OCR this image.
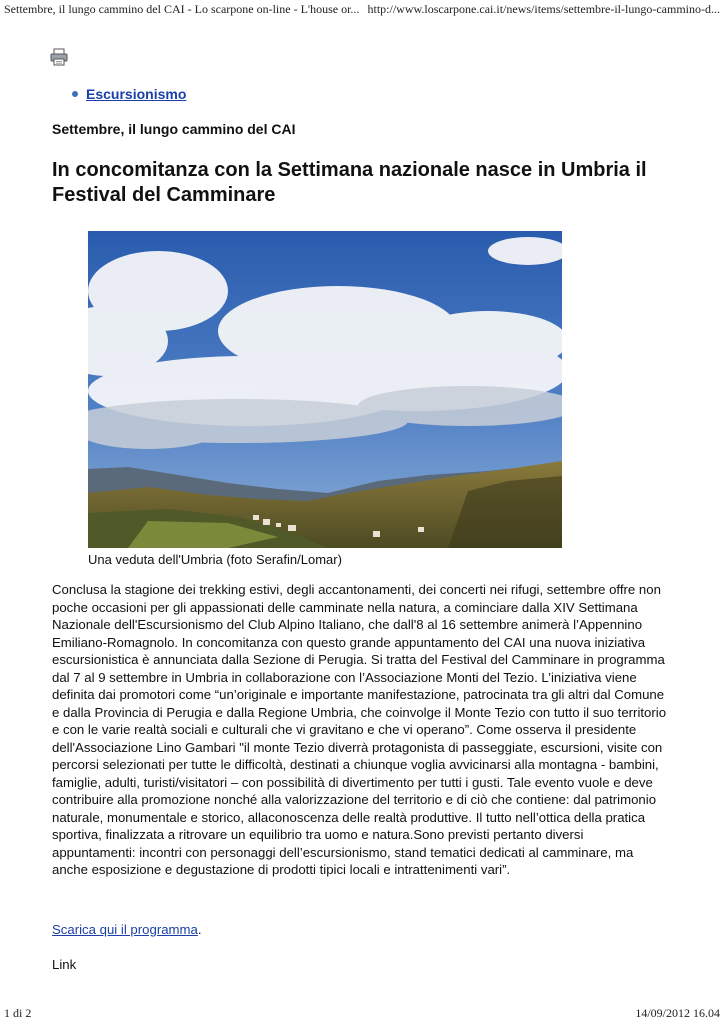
Settembre, il lungo cammino del CAI - Lo scarpone on-line - L'house or... http://www.loscarpone.cai.it/news/items/settembre-il-lungo-cammino-d...
Escursionismo

Settembre, il lungo cammino del CAI

In concomitanza con la Settimana nazionale nasce in Umbria il Festival del Camminare

Una veduta dell'Umbria (foto Serafin/Lomar)

Conclusa la stagione dei trekking estivi, degli accantonamenti, dei concerti nei rifugi, settembre offre non poche occasioni per gli appassionati delle camminate nella natura, a cominciare dalla XIV Settimana Nazionale dell'Escursionismo del Club Alpino Italiano, che dall'8 al 16 settembre animerà l’Appennino Emiliano-Romagnolo. In concomitanza con questo grande appuntamento del CAI una nuova iniziativa escursionistica è annunciata dalla Sezione di Perugia. Si tratta del Festival del Camminare in programma dal 7 al 9 settembre in Umbria in collaborazione con l’Associazione Monti del Tezio. L’iniziativa viene definita dai promotori come “un’originale e importante manifestazione, patrocinata tra gli altri dal Comune e dalla Provincia di Perugia e dalla Regione Umbria, che coinvolge il Monte Tezio con tutto il suo territorio e con le varie realtà sociali e culturali che vi gravitano e che vi operano”. Come osserva il presidente dell'Associazione Lino Gambari "il monte Tezio diverrà protagonista di passeggiate, escursioni, visite con percorsi selezionati per tutte le difficoltà, destinati a chiunque voglia avvicinarsi alla montagna - bambini, famiglie, adulti, turisti/visitatori – con possibilità di divertimento per tutti i gusti. Tale evento vuole e deve contribuire alla promozione nonché alla valorizzazione del territorio e di ciò che contiene: dal patrimonio naturale, monumentale e storico, allaconoscenza delle realtà produttive. Il tutto nell’ottica della pratica sportiva, finalizzata a ritrovare un equilibrio tra uomo e natura.Sono previsti pertanto diversi appuntamenti: incontri con personaggi dell’escursionismo, stand tematici dedicati al camminare, ma anche esposizione e degustazione di prodotti tipici locali e intrattenimenti vari”.

Scarica qui il programma.

Link

1 di 2	14/09/2012 16.04
